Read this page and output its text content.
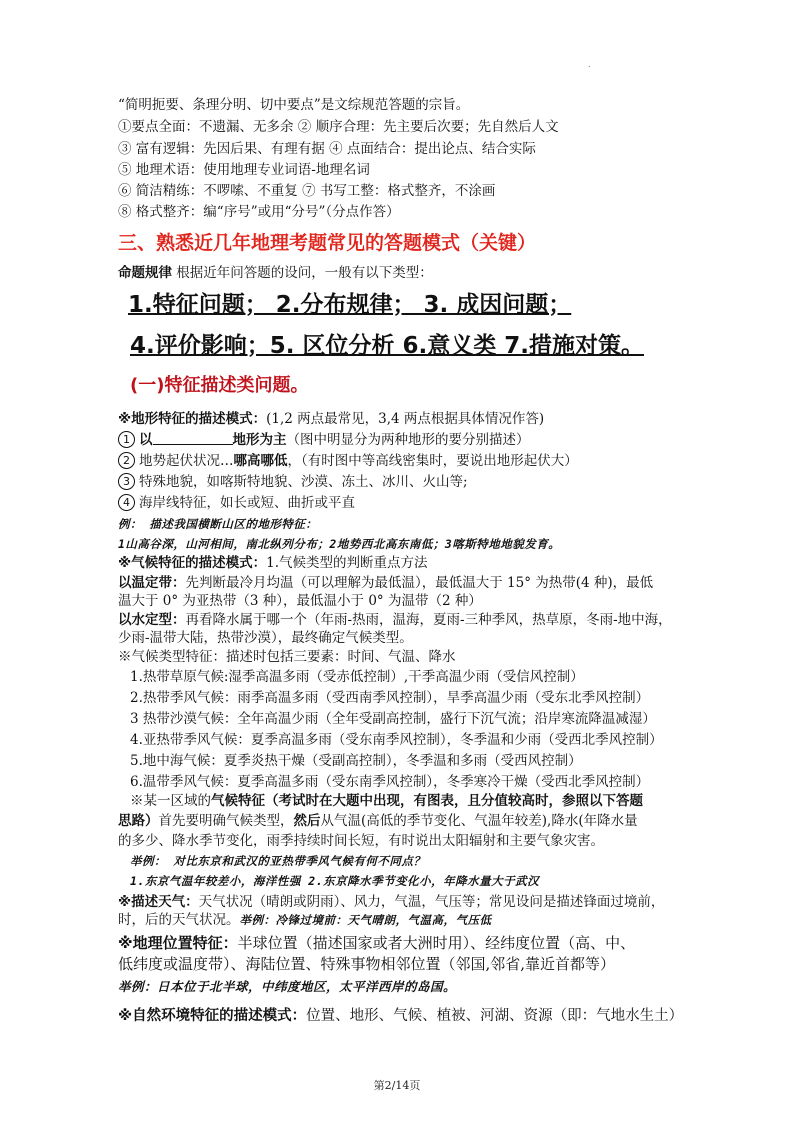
.
“简明扼要、条理分明、切中要点”是文综规范答题的宗旨。
①要点全面：不遗漏、无多余 ② 顺序合理：先主要后次要；先自然后人文
③ 富有逻辑：先因后果、有理有据 ④ 点面结合：提出论点、结合实际
⑤ 地理术语：使用地理专业词语-地理名词
⑥ 简洁精练：不啰嗦、不重复 ⑦ 书写工整：格式整齐，不涂画
⑧ 格式整齐：编“序号”或用“分号”（分点作答）
三、熟悉近几年地理考题常见的答题模式（关键）
命题规律 根据近年问答题的设问，一般有以下类型：
1.特征问题； 2.分布规律； 3. 成因问题；
4.评价影响；5. 区位分析 6.意义类 7.措施对策。
(一)特征描述类问题。
※地形特征的描述模式：(1,2 两点最常见，3,4 两点根据具体情况作答)
1 以	地形为主（图中明显分为两种地形的要分别描述）
2 地势起伏状况…哪高哪低，（有时图中等高线密集时，要说出地形起伏大）
3 特殊地貌，如喀斯特地貌、沙漠、冻土、冰川、火山等;
4 海岸线特征，如长或短、曲折或平直
例： 描述我国横断山区的地形特征：
1山高谷深，山河相间，南北纵列分布；2地势西北高东南低；3喀斯特地地貌发育。
※气候特征的描述模式：1.气候类型的判断重点方法
以温定带：先判断最冷月均温（可以理解为最低温），最低温大于 15° 为热带(4 种)，最低
温大于 0° 为亚热带（3 种），最低温小于 0° 为温带（2 种）
以水定型：再看降水属于哪一个（年雨-热雨，温海，夏雨-三种季风，热草原，冬雨-地中海，
少雨-温带大陆，热带沙漠），最终确定气候类型。
※气候类型特征：描述时包括三要素：时间、气温、降水
1.热带草原气候:湿季高温多雨（受赤低控制）,干季高温少雨（受信风控制）
2.热带季风气候：雨季高温多雨（受西南季风控制），旱季高温少雨（受东北季风控制）
3 热带沙漠气候：全年高温少雨（全年受副高控制，盛行下沉气流；沿岸寒流降温减湿）
4.亚热带季风气候：夏季高温多雨（受东南季风控制），冬季温和少雨（受西北季风控制）
5.地中海气候：夏季炎热干燥（受副高控制），冬季温和多雨（受西风控制）
6.温带季风气候：夏季高温多雨（受东南季风控制），冬季寒冷干燥（受西北季风控制）
※某一区域的气候特征（考试时在大题中出现，有图表，且分值较高时，参照以下答题
思路）首先要明确气候类型，然后从气温(高低的季节变化、气温年较差),降水(年降水量
的多少、降水季节变化，雨季持续时间长短，有时说出太阳辐射和主要气象灾害。
举例： 对比东京和武汉的亚热带季风气候有何不同点？
1.东京气温年较差小，海洋性强 2.东京降水季节变化小，年降水量大于武汉
※描述天气：天气状况（晴朗或阴雨）、风力，气温，气压等；常见设问是描述锋面过境前，
时，后的天气状况。举例：冷锋过境前：天气晴朗，气温高，气压低
※地理位置特征：半球位置（描述国家或者大洲时用）、经纬度位置（高、中、
低纬度或温度带）、海陆位置、特殊事物相邻位置（邻国,邻省,靠近首都等）
举例：日本位于北半球，中纬度地区，太平洋西岸的岛国。
※自然环境特征的描述模式：位置、地形、气候、植被、河湖、资源（即：气地水生土）
第2/14页
